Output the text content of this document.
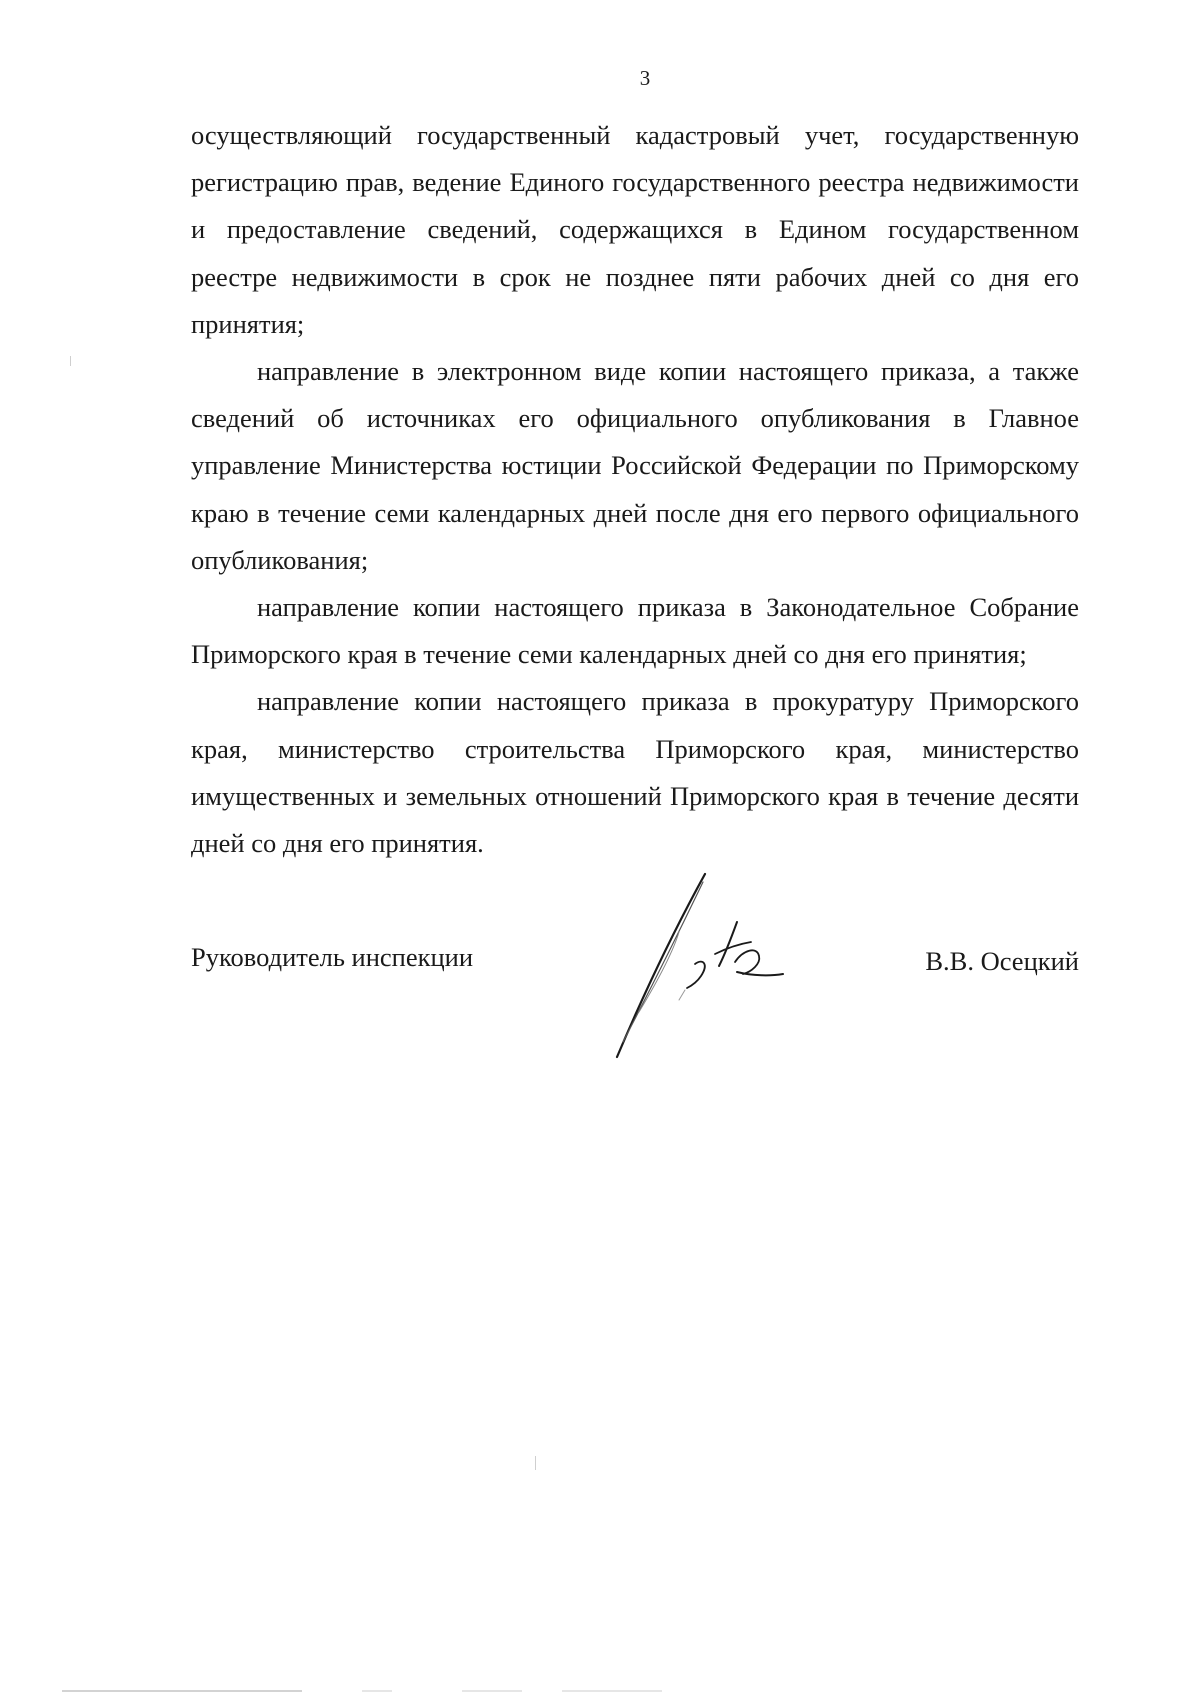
3

осуществляющий государственный кадастровый учет, государственную регистрацию прав, ведение Единого государственного реестра недвижимости и предоставление сведений, содержащихся в Едином государственном реестре недвижимости в срок не позднее пяти рабочих дней со дня его принятия;

направление в электронном виде копии настоящего приказа, а также сведений об источниках его официального опубликования в Главное управление Министерства юстиции Российской Федерации по Приморскому краю в течение семи календарных дней после дня его первого официального опубликования;

направление копии настоящего приказа в Законодательное Собрание Приморского края в течение семи календарных дней со дня его принятия;

направление копии настоящего приказа в прокуратуру Приморского края, министерство строительства Приморского края, министерство имущественных и земельных отношений Приморского края в течение десяти дней со дня его принятия.

Руководитель инспекции	В.В. Осецкий
